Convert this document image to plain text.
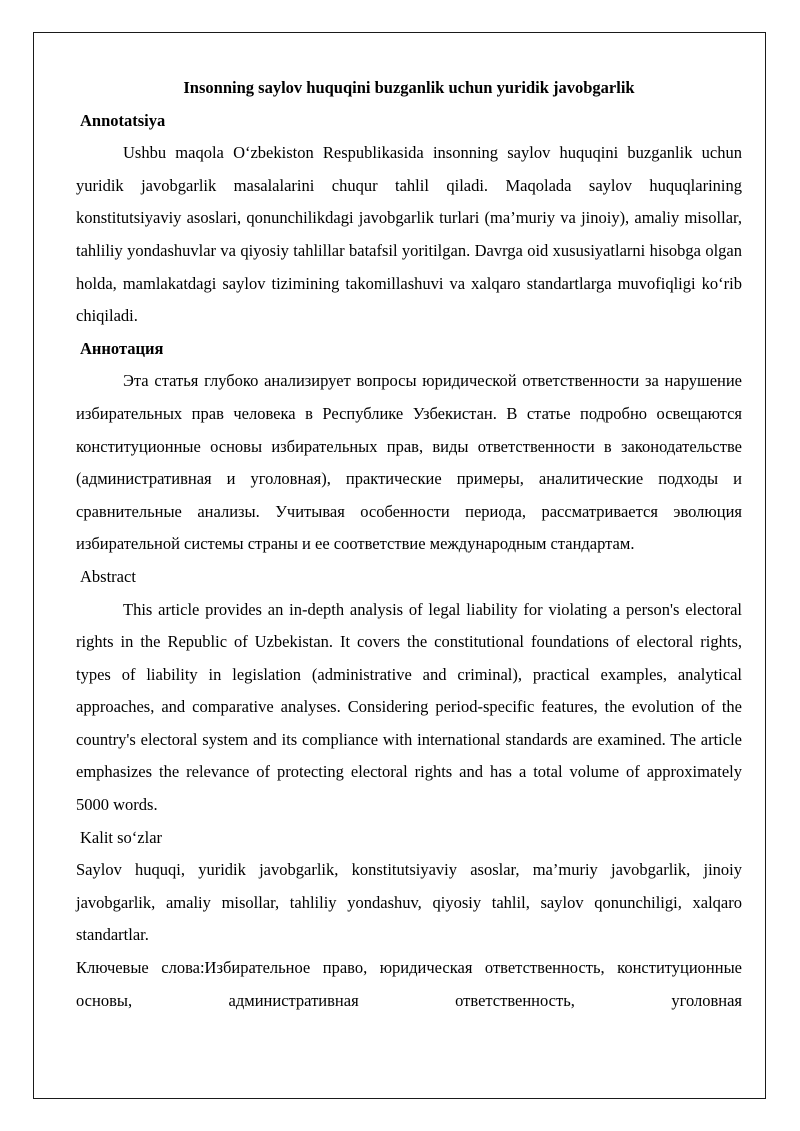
Insonning saylov huquqini buzganlik uchun yuridik javobgarlik

Annotatsiya

Ushbu maqola O‘zbekiston Respublikasida insonning saylov huquqini buzganlik uchun yuridik javobgarlik masalalarini chuqur tahlil qiladi. Maqolada saylov huquqlarining konstitutsiyaviy asoslari, qonunchilikdagi javobgarlik turlari (ma’muriy va jinoiy), amaliy misollar, tahliliy yondashuvlar va qiyosiy tahlillar batafsil yoritilgan. Davrga oid xususiyatlarni hisobga olgan holda, mamlakatdagi saylov tizimining takomillashuvi va xalqaro standartlarga muvofiqligi ko‘rib chiqiladi.

Аннотация

Эта статья глубоко анализирует вопросы юридической ответственности за нарушение избирательных прав человека в Республике Узбекистан. В статье подробно освещаются конституционные основы избирательных прав, виды ответственности в законодательстве (административная и уголовная), практические примеры, аналитические подходы и сравнительные анализы. Учитывая особенности периода, рассматривается эволюция избирательной системы страны и ее соответствие международным стандартам.

Abstract

This article provides an in-depth analysis of legal liability for violating a person's electoral rights in the Republic of Uzbekistan. It covers the constitutional foundations of electoral rights, types of liability in legislation (administrative and criminal), practical examples, analytical approaches, and comparative analyses. Considering period-specific features, the evolution of the country's electoral system and its compliance with international standards are examined. The article emphasizes the relevance of protecting electoral rights and has a total volume of approximately 5000 words.

Kalit so‘zlar

Saylov huquqi, yuridik javobgarlik, konstitutsiyaviy asoslar, ma’muriy javobgarlik, jinoiy javobgarlik, amaliy misollar, tahliliy yondashuv, qiyosiy tahlil, saylov qonunchiligi, xalqaro standartlar.

Ключевые слова:Избирательное право, юридическая ответственность, конституционные основы, административная ответственность, уголовная
